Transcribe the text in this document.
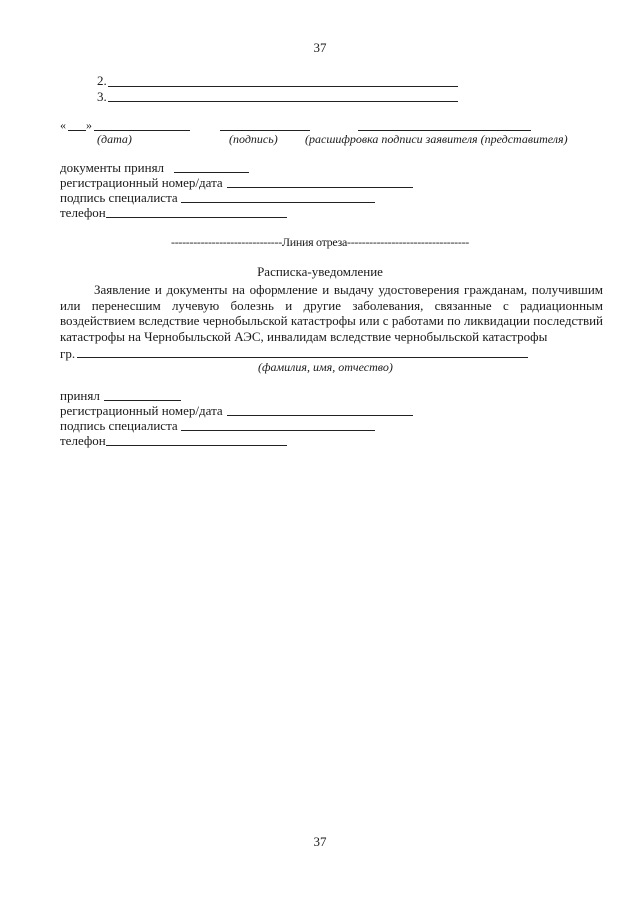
37
2.
3.
« »
(дата)	(подпись) (расшифровка подписи заявителя (представителя)
документы принял
регистрационный номер/дата
подпись специалиста
телефон
------------------------------Линия отреза---------------------------------
Расписка-уведомление
Заявление и документы на оформление и выдачу удостоверения гражданам, получившим или перенесшим лучевую болезнь и другие заболевания, связанные с радиационным воздействием вследствие чернобыльской катастрофы или с работами по ликвидации последствий катастрофы на Чернобыльской АЭС, инвалидам вследствие чернобыльской катастрофы
гр.
(фамилия, имя, отчество)
принял
регистрационный номер/дата
подпись специалиста
телефон
37
